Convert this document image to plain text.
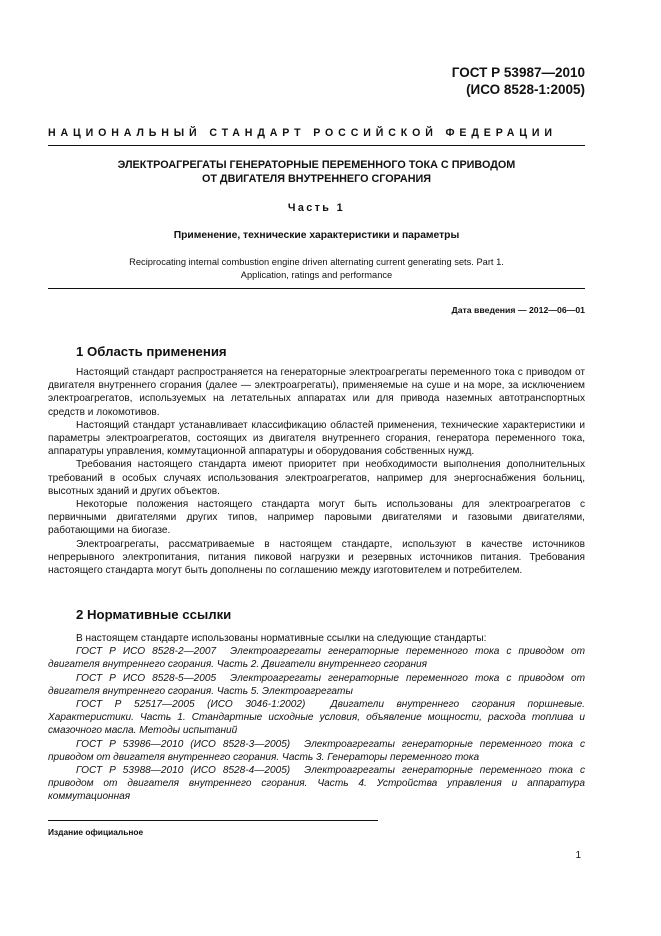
ГОСТ Р 53987—2010
(ИСО 8528-1:2005)
НАЦИОНАЛЬНЫЙ СТАНДАРТ РОССИЙСКОЙ ФЕДЕРАЦИИ
ЭЛЕКТРОАГРЕГАТЫ ГЕНЕРАТОРНЫЕ ПЕРЕМЕННОГО ТОКА С ПРИВОДОМ
ОТ ДВИГАТЕЛЯ ВНУТРЕННЕГО СГОРАНИЯ
Часть 1
Применение, технические характеристики и параметры
Reciprocating internal combustion engine driven alternating current generating sets. Part 1.
Application, ratings and performance
Дата введения — 2012—06—01
1 Область применения

Настоящий стандарт распространяется на генераторные электроагрегаты переменного тока с приводом от двигателя внутреннего сгорания (далее — электроагрегаты), применяемые на суше и на море, за исключением электроагрегатов, используемых на летательных аппаратах или для привода наземных автотранспортных средств и локомотивов.

Настоящий стандарт устанавливает классификацию областей применения, технические характеристики и параметры электроагрегатов, состоящих из двигателя внутреннего сгорания, генератора переменного тока, аппаратуры управления, коммутационной аппаратуры и оборудования собственных нужд.

Требования настоящего стандарта имеют приоритет при необходимости выполнения дополнительных требований в особых случаях использования электроагрегатов, например для энергоснабжения больниц, высотных зданий и других объектов.

Некоторые положения настоящего стандарта могут быть использованы для электроагрегатов с первичными двигателями других типов, например паровыми двигателями и газовыми двигателями, работающими на биогазе.

Электроагрегаты, рассматриваемые в настоящем стандарте, используют в качестве источников непрерывного электропитания, питания пиковой нагрузки и резервных источников питания. Требования настоящего стандарта могут быть дополнены по соглашению между изготовителем и потребителем.

2 Нормативные ссылки

В настоящем стандарте использованы нормативные ссылки на следующие стандарты:

ГОСТ Р ИСО 8528-2—2007 Электроагрегаты генераторные переменного тока с приводом от двигателя внутреннего сгорания. Часть 2. Двигатели внутреннего сгорания

ГОСТ Р ИСО 8528-5—2005 Электроагрегаты генераторные переменного тока с приводом от двигателя внутреннего сгорания. Часть 5. Электроагрегаты

ГОСТ Р 52517—2005 (ИСО 3046-1:2002) Двигатели внутреннего сгорания поршневые. Характеристики. Часть 1. Стандартные исходные условия, объявление мощности, расхода топлива и смазочного масла. Методы испытаний

ГОСТ Р 53986—2010 (ИСО 8528-3—2005) Электроагрегаты генераторные переменного тока с приводом от двигателя внутреннего сгорания. Часть 3. Генераторы переменного тока

ГОСТ Р 53988—2010 (ИСО 8528-4—2005) Электроагрегаты генераторные переменного тока с приводом от двигателя внутреннего сгорания. Часть 4. Устройства управления и аппаратура коммутационная

Издание официальное
1
